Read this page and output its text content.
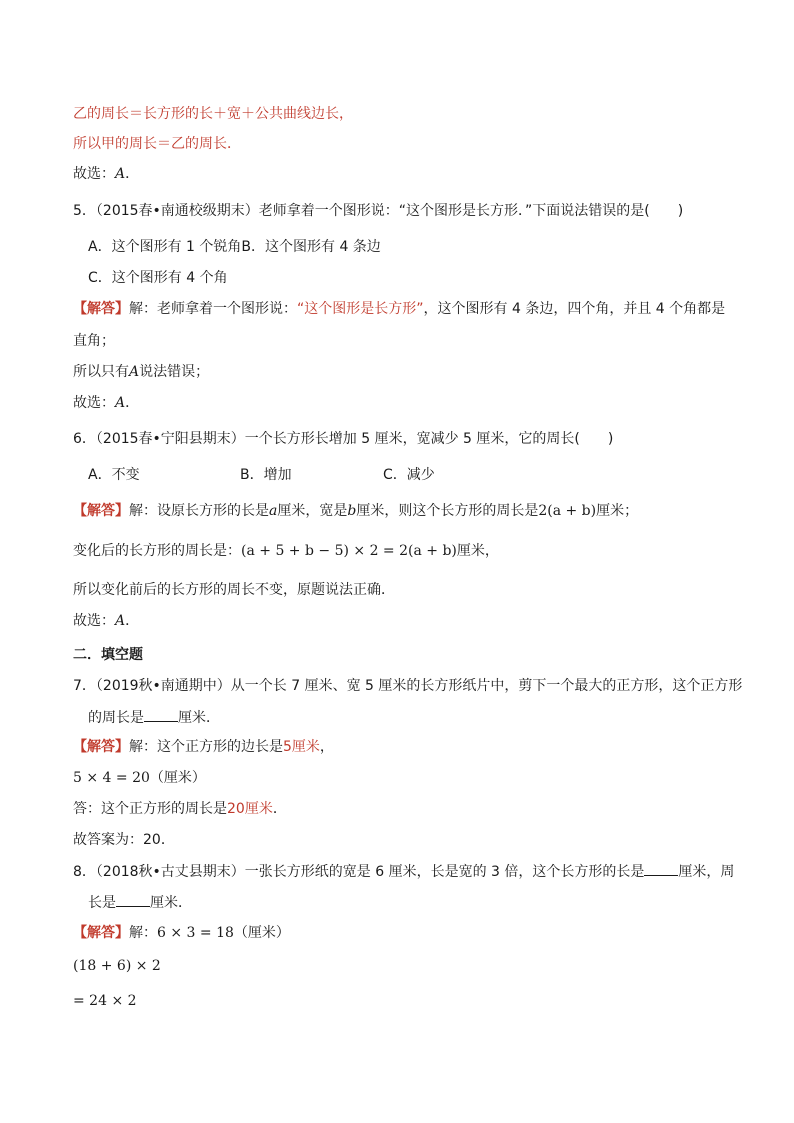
乙的周长＝长方形的长＋宽＋公共曲线边长，
所以甲的周长＝乙的周长．
故选：A．
5．（2015春•南通校级期末）老师拿着一个图形说：“这个图形是长方形．”下面说法错误的是(　　)
A．这个图形有 1 个锐角B．这个图形有 4 条边
C．这个图形有 4 个角
【解答】解：老师拿着一个图形说：“这个图形是长方形”，这个图形有 4 条边，四个角，并且 4 个角都是
直角；
所以只有A说法错误；
故选：A．
6．（2015春•宁阳县期末）一个长方形长增加 5 厘米，宽减少 5 厘米，它的周长(　　)
A．不变	B．增加	C．减少
【解答】解：设原长方形的长是a厘米，宽是b厘米，则这个长方形的周长是2(a + b)厘米；
变化后的长方形的周长是：(a + 5 + b − 5) × 2 = 2(a + b)厘米，
所以变化前后的长方形的周长不变，原题说法正确．
故选：A．
二．填空题
7．（2019秋•南通期中）从一个长 7 厘米、宽 5 厘米的长方形纸片中，剪下一个最大的正方形，这个正方形
的周长是 厘米．
【解答】解：这个正方形的边长是5厘米，
5 × 4 = 20（厘米）
答：这个正方形的周长是20厘米．
故答案为：20．
8．（2018秋•古丈县期末）一张长方形纸的宽是 6 厘米，长是宽的 3 倍，这个长方形的长是 厘米，周
长是 厘米．
【解答】解：6 × 3 = 18（厘米）
(18 + 6) × 2
= 24 × 2
